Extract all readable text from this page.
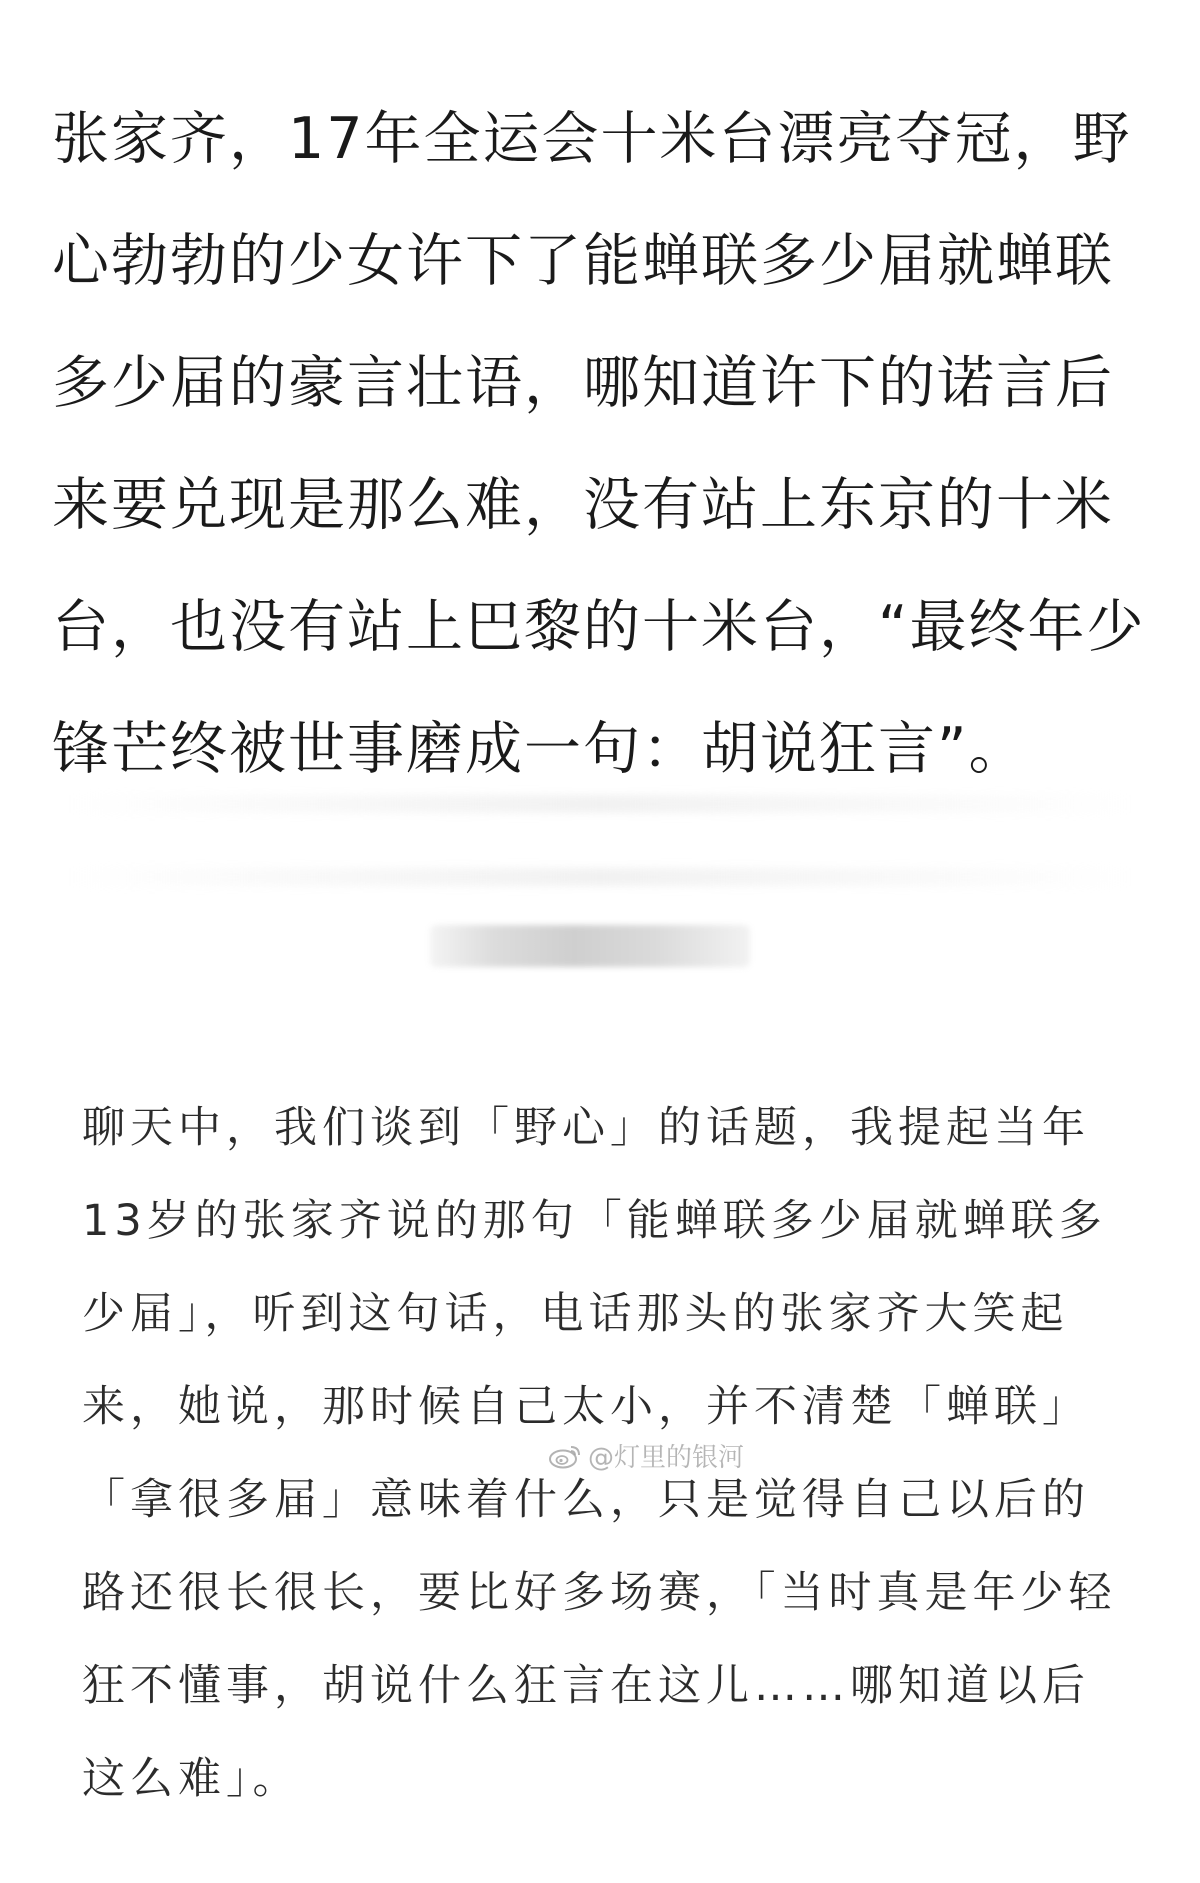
张家齐，17年全运会十米台漂亮夺冠，野心勃勃的少女许下了能蝉联多少届就蝉联多少届的豪言壮语，哪知道许下的诺言后来要兑现是那么难，没有站上东京的十米台，也没有站上巴黎的十米台，“最终年少锋芒终被世事磨成一句：胡说狂言”。

聊天中，我们谈到「野心」的话题，我提起当年13岁的张家齐说的那句「能蝉联多少届就蝉联多少届」，听到这句话，电话那头的张家齐大笑起来，她说，那时候自己太小，并不清楚「蝉联」「拿很多届」意味着什么，只是觉得自己以后的路还很长很长，要比好多场赛，「当时真是年少轻狂不懂事，胡说什么狂言在这儿……哪知道以后这么难」。

@灯里的银河
